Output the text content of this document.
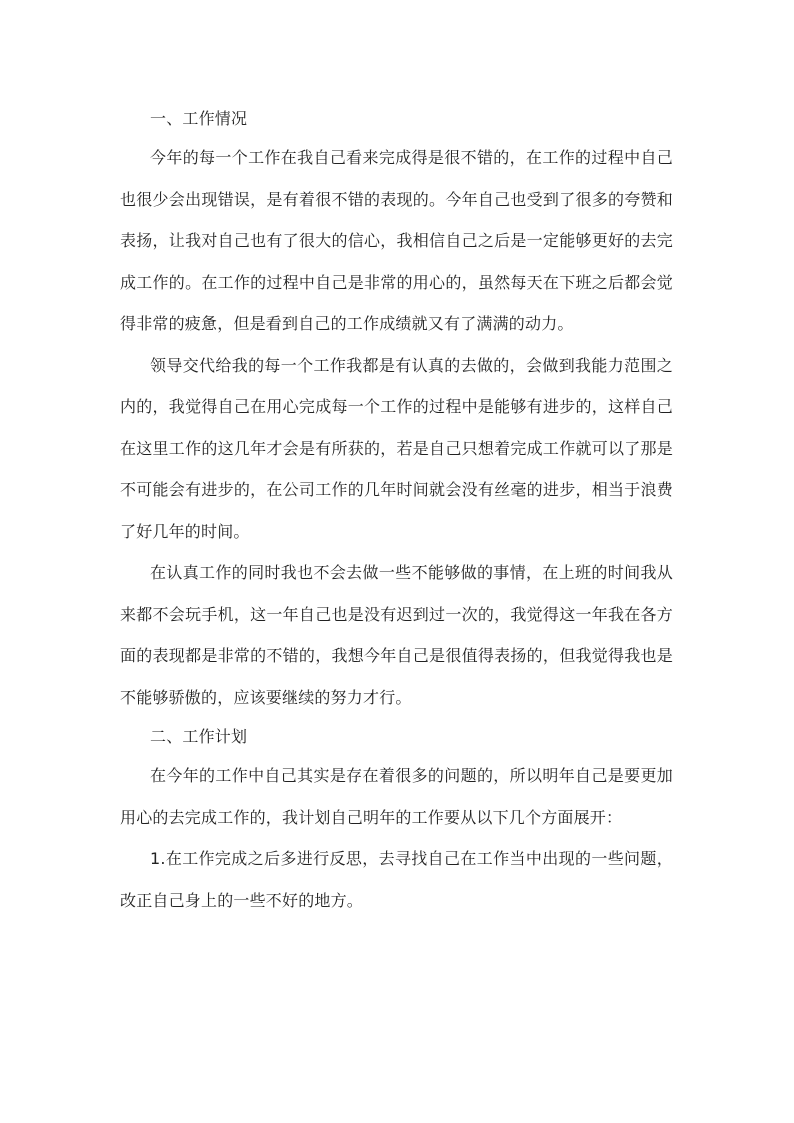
一、工作情况

今年的每一个工作在我自己看来完成得是很不错的，在工作的过程中自己也很少会出现错误，是有着很不错的表现的。今年自己也受到了很多的夸赞和表扬，让我对自己也有了很大的信心，我相信自己之后是一定能够更好的去完成工作的。在工作的过程中自己是非常的用心的，虽然每天在下班之后都会觉得非常的疲惫，但是看到自己的工作成绩就又有了满满的动力。

领导交代给我的每一个工作我都是有认真的去做的，会做到我能力范围之内的，我觉得自己在用心完成每一个工作的过程中是能够有进步的，这样自己在这里工作的这几年才会是有所获的，若是自己只想着完成工作就可以了那是不可能会有进步的，在公司工作的几年时间就会没有丝毫的进步，相当于浪费了好几年的时间。

在认真工作的同时我也不会去做一些不能够做的事情，在上班的时间我从来都不会玩手机，这一年自己也是没有迟到过一次的，我觉得这一年我在各方面的表现都是非常的不错的，我想今年自己是很值得表扬的，但我觉得我也是不能够骄傲的，应该要继续的努力才行。

二、工作计划

在今年的工作中自己其实是存在着很多的问题的，所以明年自己是要更加用心的去完成工作的，我计划自己明年的工作要从以下几个方面展开：

1.在工作完成之后多进行反思，去寻找自己在工作当中出现的一些问题，改正自己身上的一些不好的地方。
